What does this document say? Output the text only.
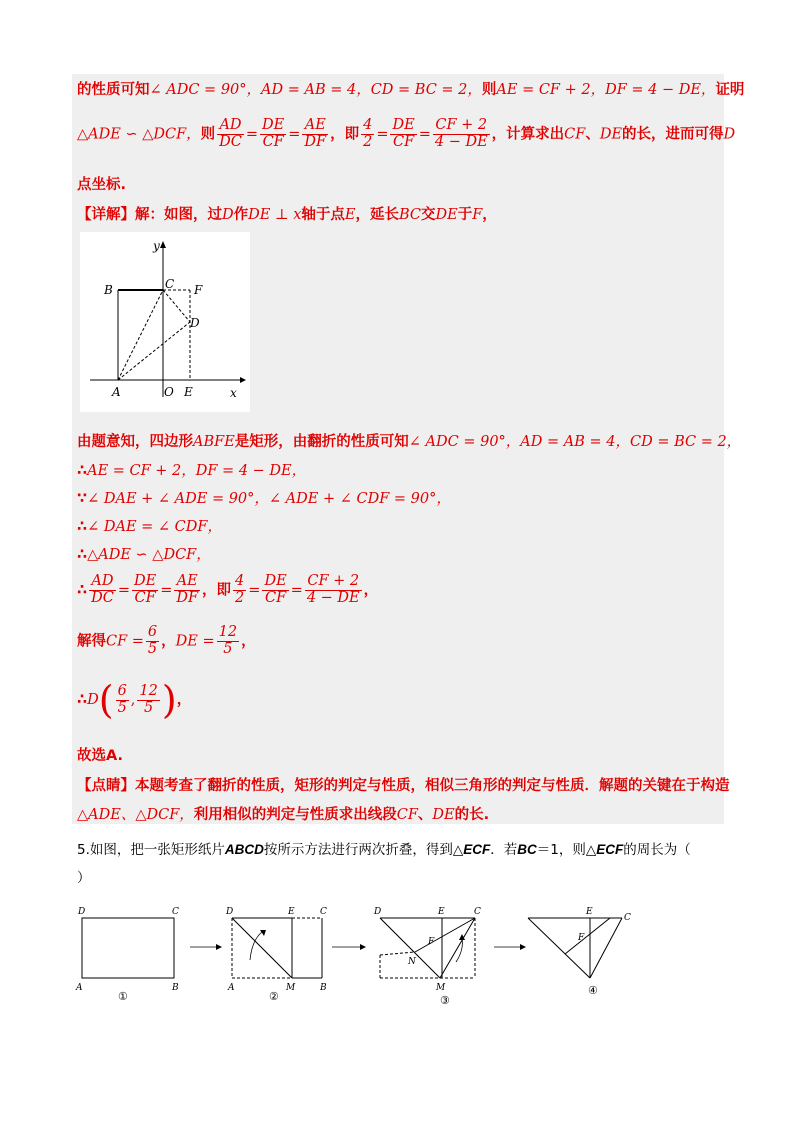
的性质可知∠ ADC = 90°，AD = AB = 4，CD = BC = 2，则AE = CF + 2，DF = 4 − DE，证明
△ADE ∽ △DCF，则 $\frac{AD}{DC} = \frac{DE}{CF} = \frac{AE}{DF}$ ，即 $\frac{4}{2} = \frac{DE}{CF} = \frac{CF + 2}{4 - DE}$ ，计算求出CF、DE的长，进而可得D
点坐标.
【详解】解：如图，过D作DE ⊥ x轴于点E，延长BC交DE于F，
y
x
B	C F
D
A	O E
由题意知，四边形ABFE是矩形，由翻折的性质可知∠ ADC = 90°，AD = AB = 4，CD = BC = 2，
∴AE = CF + 2，DF = 4 − DE，
∵∠ DAE + ∠ ADE = 90°，∠ ADE + ∠ CDF = 90°，
∴∠ DAE = ∠ CDF，
∴△ADE ∽ △DCF，
∴ $\frac{AD}{DC} = \frac{DE}{CF} = \frac{AE}{DF}$ ，即 $\frac{4}{2} = \frac{DE}{CF} = \frac{CF + 2}{4 - DE}$ ，
解得CF = $\frac{6}{5}$ ，DE = $\frac{12}{5}$ ，
∴D( $\frac{6}{5}$ , $\frac{12}{5}$ )，
故选A.
【点睛】本题考查了翻折的性质，矩形的判定与性质，相似三角形的判定与性质．解题的关键在于构造
△ADE、△DCF，利用相似的判定与性质求出线段CF、DE的长.
5.如图，把一张矩形纸片ABCD按所示方法进行两次折叠，得到△ECF．若BC＝1，则△ECF的周长为（
）
D	C
A	B
①
D	E	C
A	M	B
②
D	E	C
F
N
M
③
E
C
F
④
